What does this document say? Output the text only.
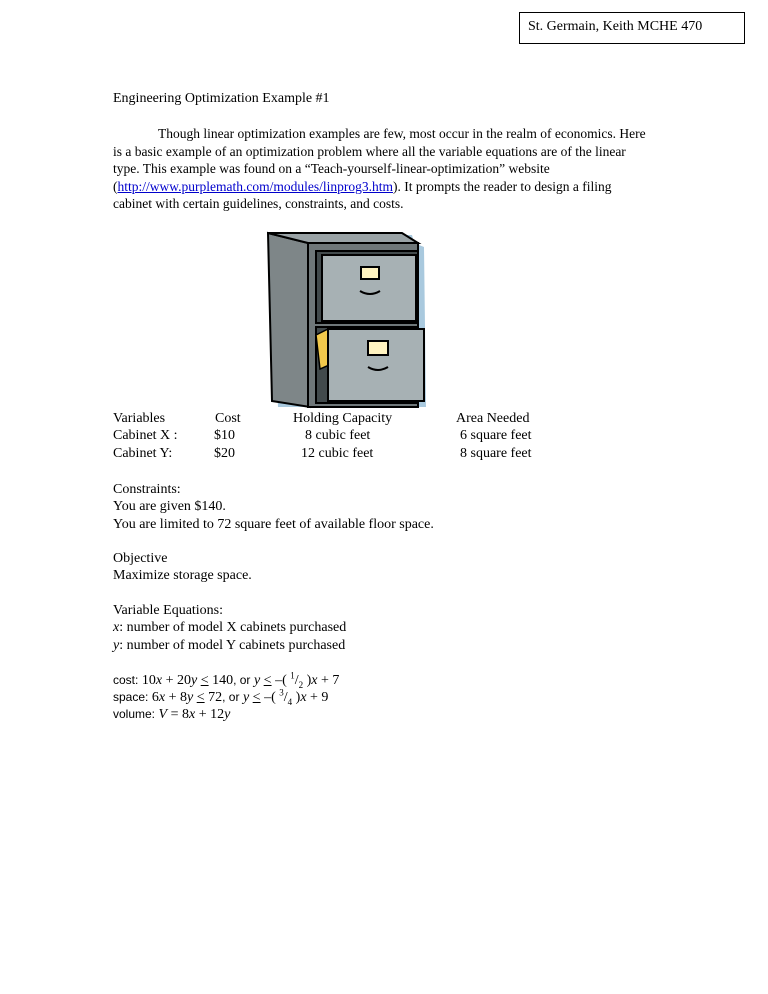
St. Germain, Keith MCHE 470
Engineering Optimization Example #1
Though linear optimization examples are few, most occur in the realm of economics. Here is a basic example of an optimization problem where all the variable equations are of the linear type. This example was found on a “Teach-yourself-linear-optimization” website (http://www.purplemath.com/modules/linprog3.htm). It prompts the reader to design a filing cabinet with certain guidelines, constraints, and costs.
Variables	Cost	Holding Capacity	Area Needed
Cabinet X :	$10	8 cubic feet	6 square feet
Cabinet Y:	$20	12 cubic feet	8 square feet
Constraints:
You are given $140.
You are limited to 72 square feet of available floor space.
Objective
Maximize storage space.
Variable Equations:
x: number of model X cabinets purchased
y: number of model Y cabinets purchased
cost: 10x + 20y < 140, or y < –( $^1/_2$ )x + 7
space: 6x + 8y < 72, or y < –( $^3/_4$ )x + 9
volume: V = 8x + 12y
